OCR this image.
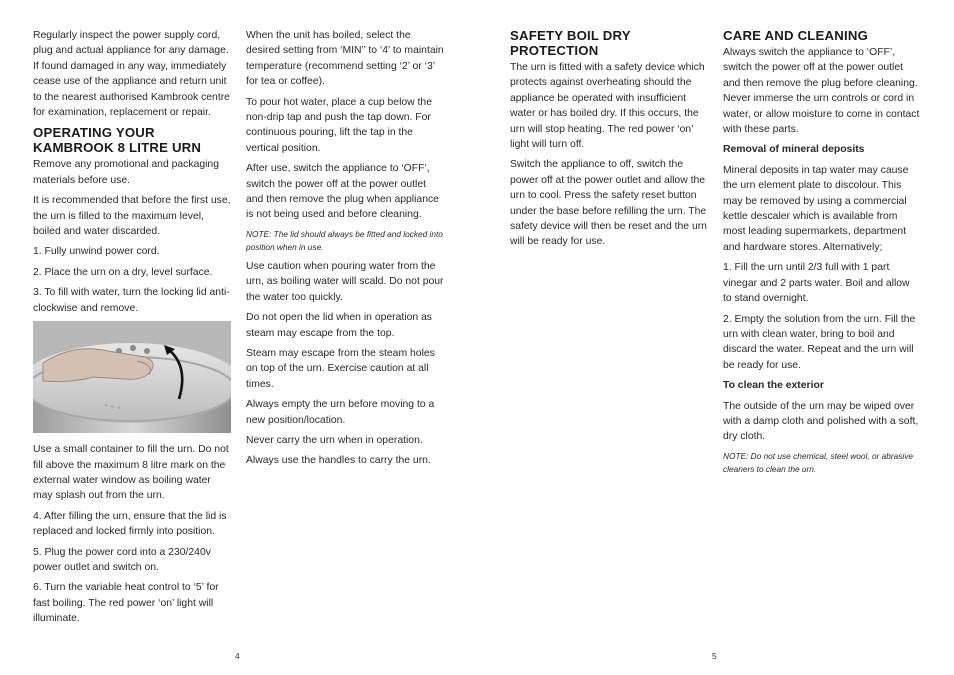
Regularly inspect the power supply cord, plug and actual appliance for any damage. If found damaged in any way, immediately cease use of the appliance and return unit to the nearest authorised Kambrook centre for examination, replacement or repair.

OPERATING YOUR KAMBROOK 8 LITRE URN

Remove any promotional and packaging materials before use.

It is recommended that before the first use, the urn is filled to the maximum level, boiled and water discarded.

1. Fully unwind power cord.

2. Place the urn on a dry, level surface.

3. To fill with water, turn the locking lid anti-clockwise and remove.

⚬ ⚬ ⚬

Use a small container to fill the urn. Do not fill above the maximum 8 litre mark on the external water window as boiling water may splash out from the urn.

4. After filling the urn, ensure that the lid is replaced and locked firmly into position.

5. Plug the power cord into a 230/240v power outlet and switch on.

6. Turn the variable heat control to ‘5’ for fast boiling. The red power ‘on’ light will illuminate.

When the unit has boiled, select the desired setting from ‘MIN’’ to ‘4’ to maintain temperature (recommend setting ‘2’ or ‘3’ for tea or coffee).

To pour hot water, place a cup below the non-drip tap and push the tap down. For continuous pouring, lift the tap in the vertical position.

After use, switch the appliance to ‘OFF’, switch the power off at the power outlet and then remove the plug when appliance is not being used and before cleaning.

NOTE: The lid should always be fitted and locked into position when in use.

Use caution when pouring water from the urn, as boiling water will scald. Do not pour the water too quickly.

Do not open the lid when in operation as steam may escape from the top.

Steam may escape from the steam holes on top of the urn. Exercise caution at all times.

Always empty the urn before moving to a new position/location.

Never carry the urn when in operation.

Always use the handles to carry the urn.

SAFETY BOIL DRY PROTECTION

The urn is fitted with a safety device which protects against overheating should the appliance be operated with insufficient water or has boiled dry. If this occurs, the urn will stop heating. The red power ‘on’ light will turn off.

Switch the appliance to off, switch the power off at the power outlet and allow the urn to cool. Press the safety reset button under the base before refilling the urn. The safety device will then be reset and the urn will be ready for use.

CARE AND CLEANING

Always switch the appliance to ‘OFF’, switch the power off at the power outlet and then remove the plug before cleaning. Never immerse the urn controls or cord in water, or allow moisture to come in contact with these parts.

Removal of mineral deposits

Mineral deposits in tap water may cause the urn element plate to discolour. This may be removed by using a commercial kettle descaler which is available from most leading supermarkets, department and hardware stores. Alternatively;

1. Fill the urn until 2/3 full with 1 part vinegar and 2 parts water. Boil and allow to stand overnight.

2. Empty the solution from the urn. Fill the urn with clean water, bring to boil and discard the water. Repeat and the urn will be ready for use.

To clean the exterior

The outside of the urn may be wiped over with a damp cloth and polished with a soft, dry cloth.

NOTE: Do not use chemical, steel wool, or abrasive cleaners to clean the urn.

4	5
